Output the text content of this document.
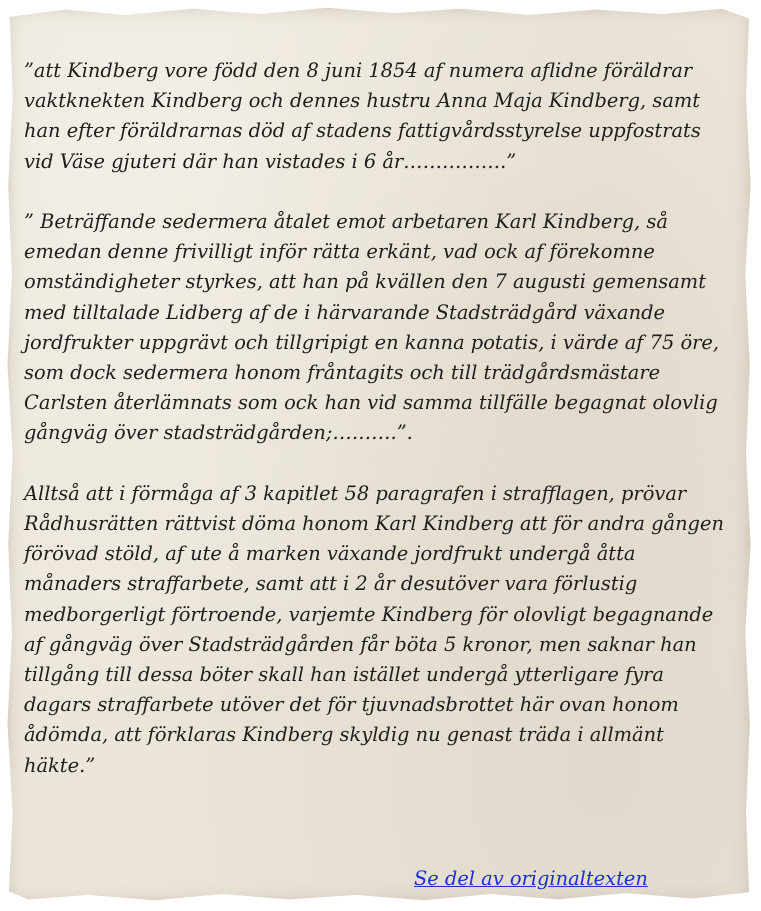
”att Kindberg vore född den 8 juni 1854 af numera aflidne föräldrar vaktknekten Kindberg och dennes hustru Anna Maja Kindberg, samt han efter föräldrarnas död af stadens fattigvårdsstyrelse uppfostrats vid Väse gjuteri där han vistades i 6 år…………….”

” Beträffande sedermera åtalet emot arbetaren Karl Kindberg, så emedan denne frivilligt inför rätta erkänt, vad ock af förekomne omständigheter styrkes, att han på kvällen den 7 augusti gemensamt med tilltalade Lidberg af de i härvarande Stadsträdgård växande jordfrukter uppgrävt och tillgripigt en kanna potatis, i värde af 75 öre, som dock sedermera honom fråntagits och till trädgårdsmästare Carlsten återlämnats som ock han vid samma tillfälle begagnat olovlig gångväg över stadsträdgården;……….”.

Alltså att i förmåga af 3 kapitlet 58 paragrafen i strafflagen, prövar Rådhusrätten rättvist döma honom Karl Kindberg att för andra gången förövad stöld, af ute å marken växande jordfrukt undergå åtta månaders straffarbete, samt att i 2 år desutöver vara förlustig medborgerligt förtroende, varjemte Kindberg för olovligt begagnande af gångväg över Stadsträdgården får böta 5 kronor, men saknar han tillgång till dessa böter skall han istället undergå ytterligare fyra dagars straffarbete utöver det för tjuvnadsbrottet här ovan honom ådömda, att förklaras Kindberg skyldig nu genast träda i allmänt häkte.”

Se del av originaltexten
